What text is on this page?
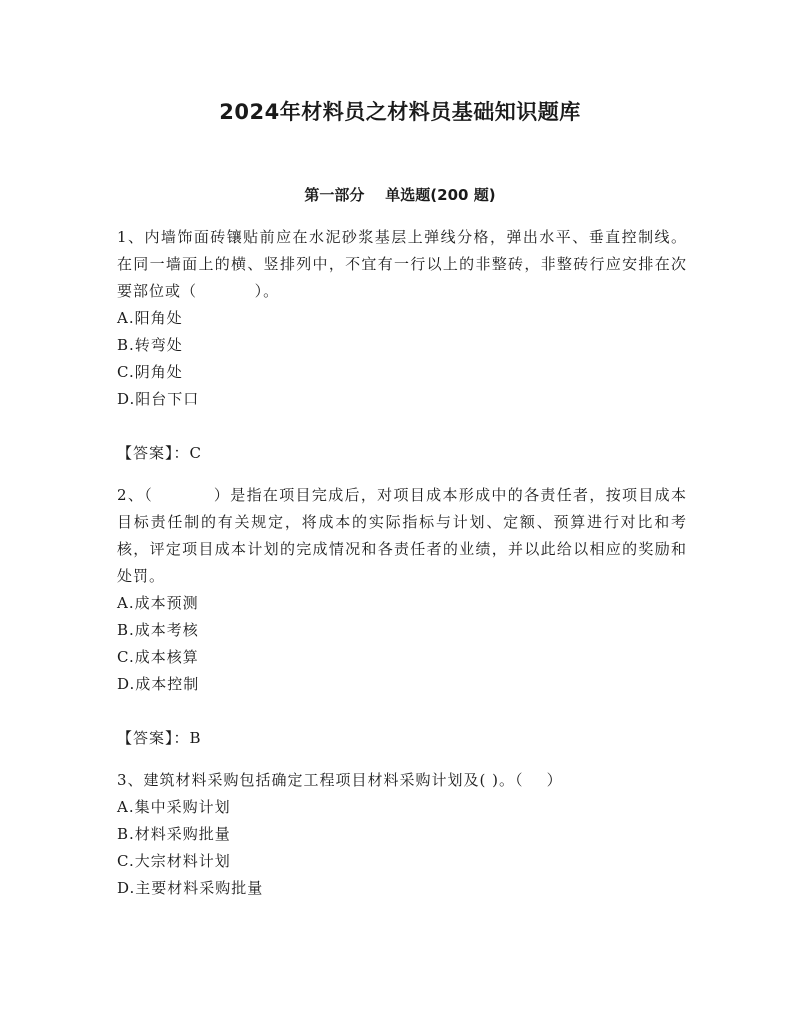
2024年材料员之材料员基础知识题库
第一部分    单选题(200 题)

1、内墙饰面砖镶贴前应在水泥砂浆基层上弹线分格，弹出水平、垂直控制线。在同一墙面上的横、竖排列中，不宜有一行以上的非整砖，非整砖行应安排在次要部位或（          ）。

A.阳角处

B.转弯处

C.阴角处

D.阳台下口

【答案】：C

2、（          ）是指在项目完成后，对项目成本形成中的各责任者，按项目成本目标责任制的有关规定，将成本的实际指标与计划、定额、预算进行对比和考核，评定项目成本计划的完成情况和各责任者的业绩，并以此给以相应的奖励和处罚。

A.成本预测

B.成本考核

C.成本核算

D.成本控制

【答案】：B

3、建筑材料采购包括确定工程项目材料采购计划及( )。（    ）

A.集中采购计划

B.材料采购批量

C.大宗材料计划

D.主要材料采购批量
